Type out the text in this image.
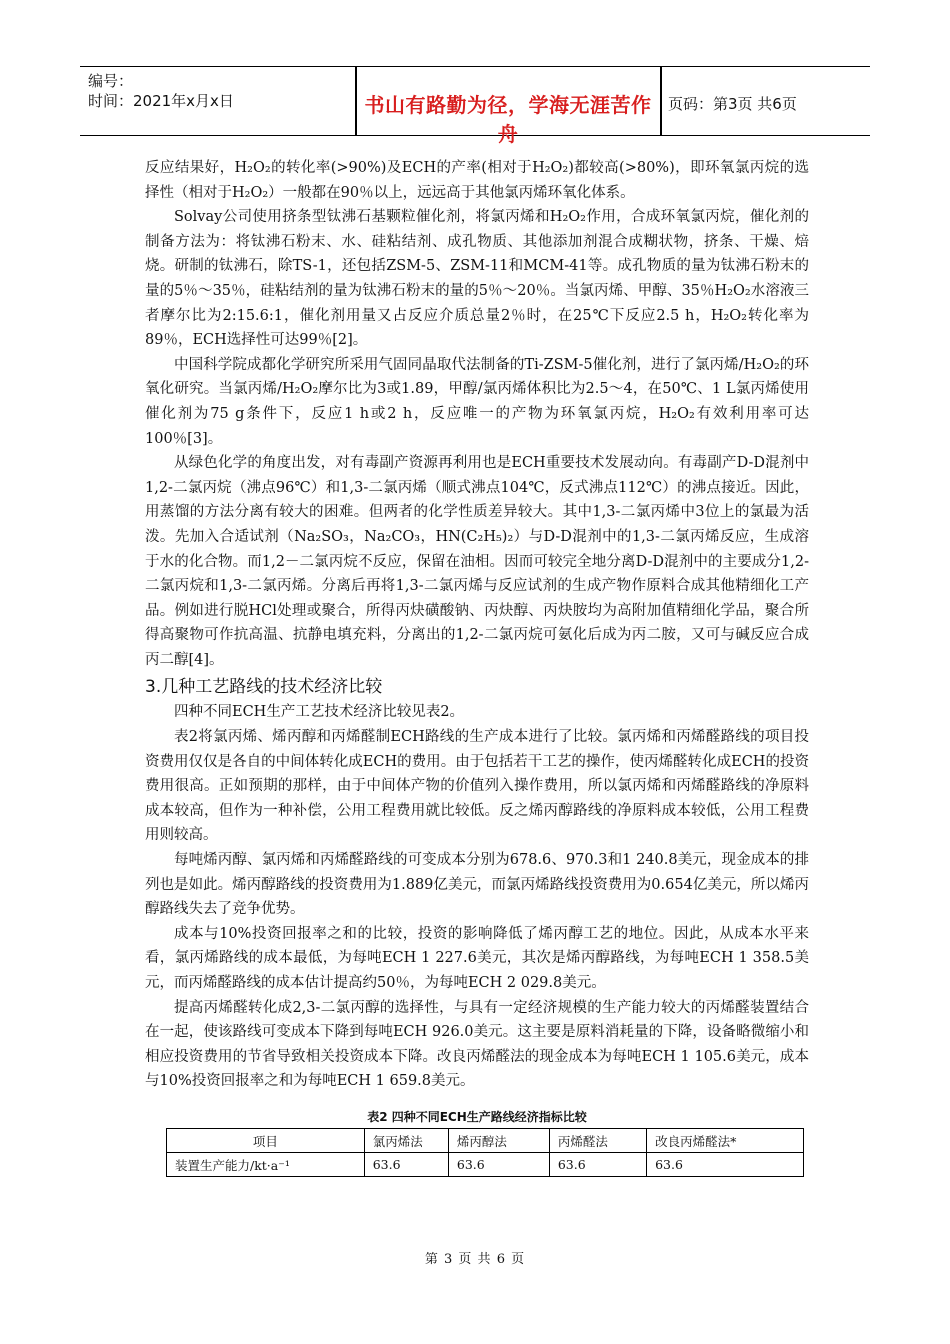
编号：
时间：2021年x月x日	书山有路勤为径，学海无涯苦作舟
页码：第3页 共6页

反应结果好，H₂O₂的转化率(>90%)及ECH的产率(相对于H₂O₂)都较高(>80%)，即环氧氯丙烷的选择性（相对于H₂O₂）一般都在90％以上，远远高于其他氯丙烯环氧化体系。

Solvay公司使用挤条型钛沸石基颗粒催化剂，将氯丙烯和H₂O₂作用，合成环氧氯丙烷，催化剂的制备方法为：将钛沸石粉末、水、硅粘结剂、成孔物质、其他添加剂混合成糊状物，挤条、干燥、焙烧。研制的钛沸石，除TS-1，还包括ZSM-5、ZSM-11和MCM-41等。成孔物质的量为钛沸石粉末的量的5％～35％，硅粘结剂的量为钛沸石粉末的量的5％～20％。当氯丙烯、甲醇、35％H₂O₂水溶液三者摩尔比为2:15.6:1，催化剂用量又占反应介质总量2％时，在25℃下反应2.5 h，H₂O₂转化率为89％，ECH选择性可达99％[2]。

中国科学院成都化学研究所采用气固同晶取代法制备的Ti-ZSM-5催化剂，进行了氯丙烯/H₂O₂的环氧化研究。当氯丙烯/H₂O₂摩尔比为3或1.89，甲醇/氯丙烯体积比为2.5～4，在50℃、1 L氯丙烯使用催化剂为75 g条件下，反应1 h或2 h，反应唯一的产物为环氧氯丙烷，H₂O₂有效利用率可达100％[3]。

从绿色化学的角度出发，对有毒副产资源再利用也是ECH重要技术发展动向。有毒副产D-D混剂中1,2-二氯丙烷（沸点96℃）和1,3-二氯丙烯（顺式沸点104℃，反式沸点112℃）的沸点接近。因此，用蒸馏的方法分离有较大的困难。但两者的化学性质差异较大。其中1,3-二氯丙烯中3位上的氯最为活泼。先加入合适试剂（Na₂SO₃，Na₂CO₃，HN(C₂H₅)₂）与D-D混剂中的1,3-二氯丙烯反应，生成溶于水的化合物。而1,2－二氯丙烷不反应，保留在油相。因而可较完全地分离D-D混剂中的主要成分1,2-二氯丙烷和1,3-二氯丙烯。分离后再将1,3-二氯丙烯与反应试剂的生成产物作原料合成其他精细化工产品。例如进行脱HCl处理或聚合，所得丙炔磺酸钠、丙炔醇、丙炔胺均为高附加值精细化学品，聚合所得高聚物可作抗高温、抗静电填充料，分离出的1,2-二氯丙烷可氨化后成为丙二胺，又可与碱反应合成丙二醇[4]。

3.几种工艺路线的技术经济比较

四种不同ECH生产工艺技术经济比较见表2。

表2将氯丙烯、烯丙醇和丙烯醛制ECH路线的生产成本进行了比较。氯丙烯和丙烯醛路线的项目投资费用仅仅是各自的中间体转化成ECH的费用。由于包括若干工艺的操作，使丙烯醛转化成ECH的投资费用很高。正如预期的那样，由于中间体产物的价值列入操作费用，所以氯丙烯和丙烯醛路线的净原料成本较高，但作为一种补偿，公用工程费用就比较低。反之烯丙醇路线的净原料成本较低，公用工程费用则较高。

每吨烯丙醇、氯丙烯和丙烯醛路线的可变成本分别为678.6、970.3和1 240.8美元，现金成本的排列也是如此。烯丙醇路线的投资费用为1.889亿美元，而氯丙烯路线投资费用为0.654亿美元，所以烯丙醇路线失去了竞争优势。

成本与10%投资回报率之和的比较，投资的影响降低了烯丙醇工艺的地位。因此，从成本水平来看，氯丙烯路线的成本最低，为每吨ECH 1 227.6美元，其次是烯丙醇路线，为每吨ECH 1 358.5美元，而丙烯醛路线的成本估计提高约50％，为每吨ECH 2 029.8美元。

提高丙烯醛转化成2,3-二氯丙醇的选择性，与具有一定经济规模的生产能力较大的丙烯醛装置结合在一起，使该路线可变成本下降到每吨ECH 926.0美元。这主要是原料消耗量的下降，设备略微缩小和相应投资费用的节省导致相关投资成本下降。改良丙烯醛法的现金成本为每吨ECH 1 105.6美元，成本与10%投资回报率之和为每吨ECH 1 659.8美元。

表2 四种不同ECH生产路线经济指标比较
项目	氯丙烯法	烯丙醇法	丙烯醛法	改良丙烯醛法*
装置生产能力/kt·a⁻¹	63.6	63.6	63.6	63.6
第 3 页 共 6 页
